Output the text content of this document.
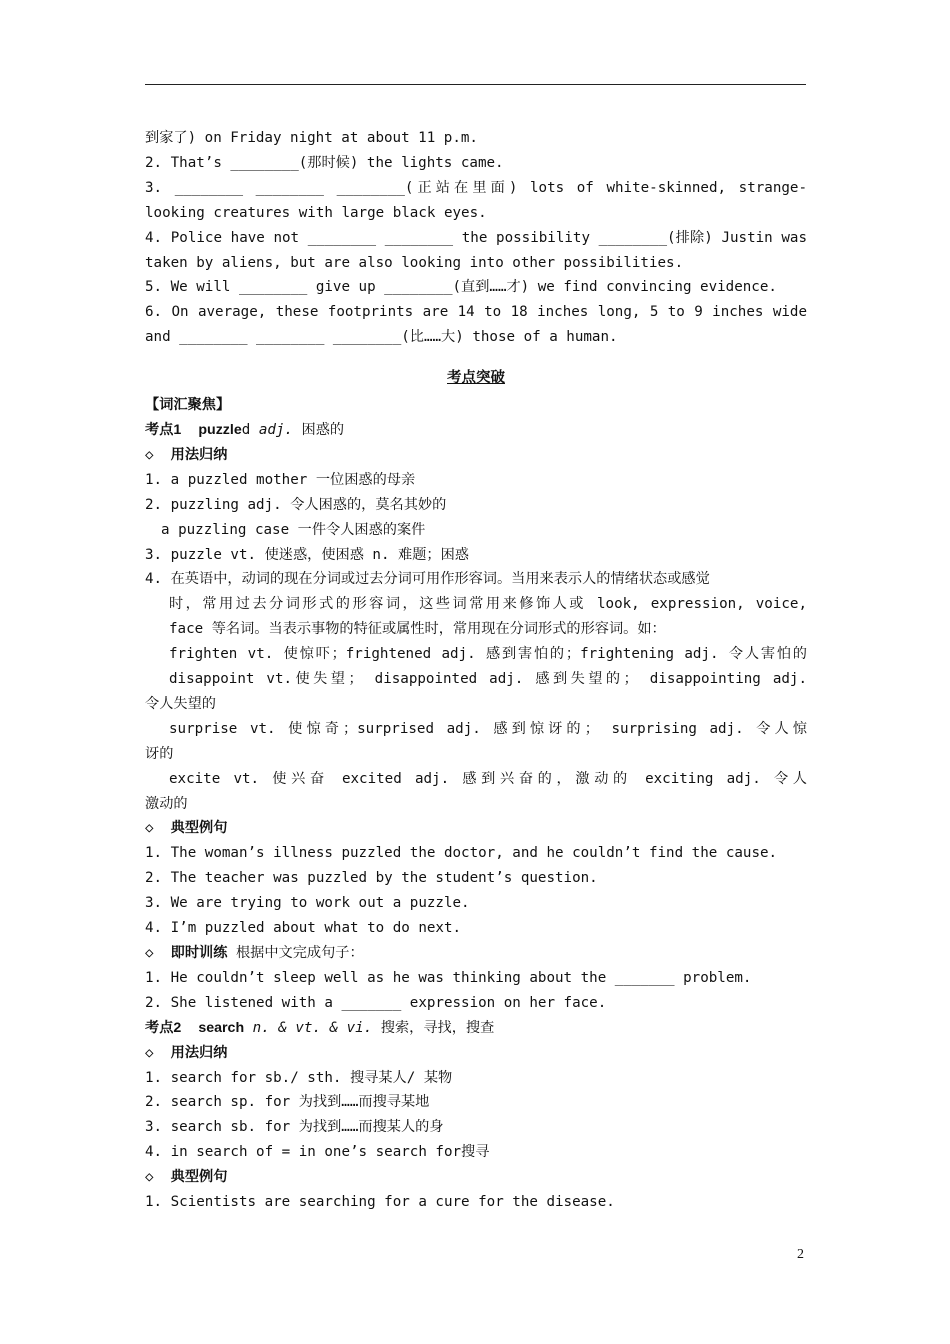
到家了) on Friday night at about 11 p.m.
2. That’s ________(那时候) the lights came.
3. ________ ________ ________(正站在里面) lots of white-skinned, strange-
looking creatures with large black eyes.
4. Police have not ________ ________ the possibility ________(排除) Justin was
taken by aliens, but are also looking into other possibilities.
5. We will ________ give up ________(直到……才) we find convincing evidence.
6. On average, these footprints are 14 to 18 inches long, 5 to 9 inches wide
and ________ ________ ________(比……大) those of a human.
考点突破
【词汇聚焦】
考点1 puzzled adj. 困惑的
◇ 用法归纳
1. a puzzled mother 一位困惑的母亲
2. puzzling adj. 令人困惑的，莫名其妙的
a puzzling case 一件令人困惑的案件
3. puzzle vt. 使迷惑，使困惑 n. 难题；困惑
4. 在英语中，动词的现在分词或过去分词可用作形容词。当用来表示人的情绪状态或感觉
时，常用过去分词形式的形容词，这些词常用来修饰人或 look, expression, voice,
face 等名词。当表示事物的特征或属性时，常用现在分词形式的形容词。如：
frighten vt. 使惊吓；frightened adj. 感到害怕的；frightening adj. 令人害怕的
disappoint vt.使失望； disappointed adj. 感到失望的； disappointing adj.
令人失望的
surprise vt. 使惊奇；surprised adj. 感到惊讶的； surprising adj. 令人惊
讶的
excite vt. 使兴奋 excited adj. 感到兴奋的，激动的 exciting adj. 令人
激动的
◇ 典型例句
1. The woman’s illness puzzled the doctor, and he couldn’t find the cause.
2. The teacher was puzzled by the student’s question.
3. We are trying to work out a puzzle.
4. I’m puzzled about what to do next.
◇ 即时训练 根据中文完成句子：
1. He couldn’t sleep well as he was thinking about the _______ problem.
2. She listened with a _______ expression on her face.
考点2 search n. & vt. & vi. 搜索，寻找，搜查
◇ 用法归纳
1. search for sb./ sth. 搜寻某人/ 某物
2. search sp. for 为找到……而搜寻某地
3. search sb. for 为找到……而搜某人的身
4. in search of = in one’s search for搜寻
◇ 典型例句
1. Scientists are searching for a cure for the disease.
2
